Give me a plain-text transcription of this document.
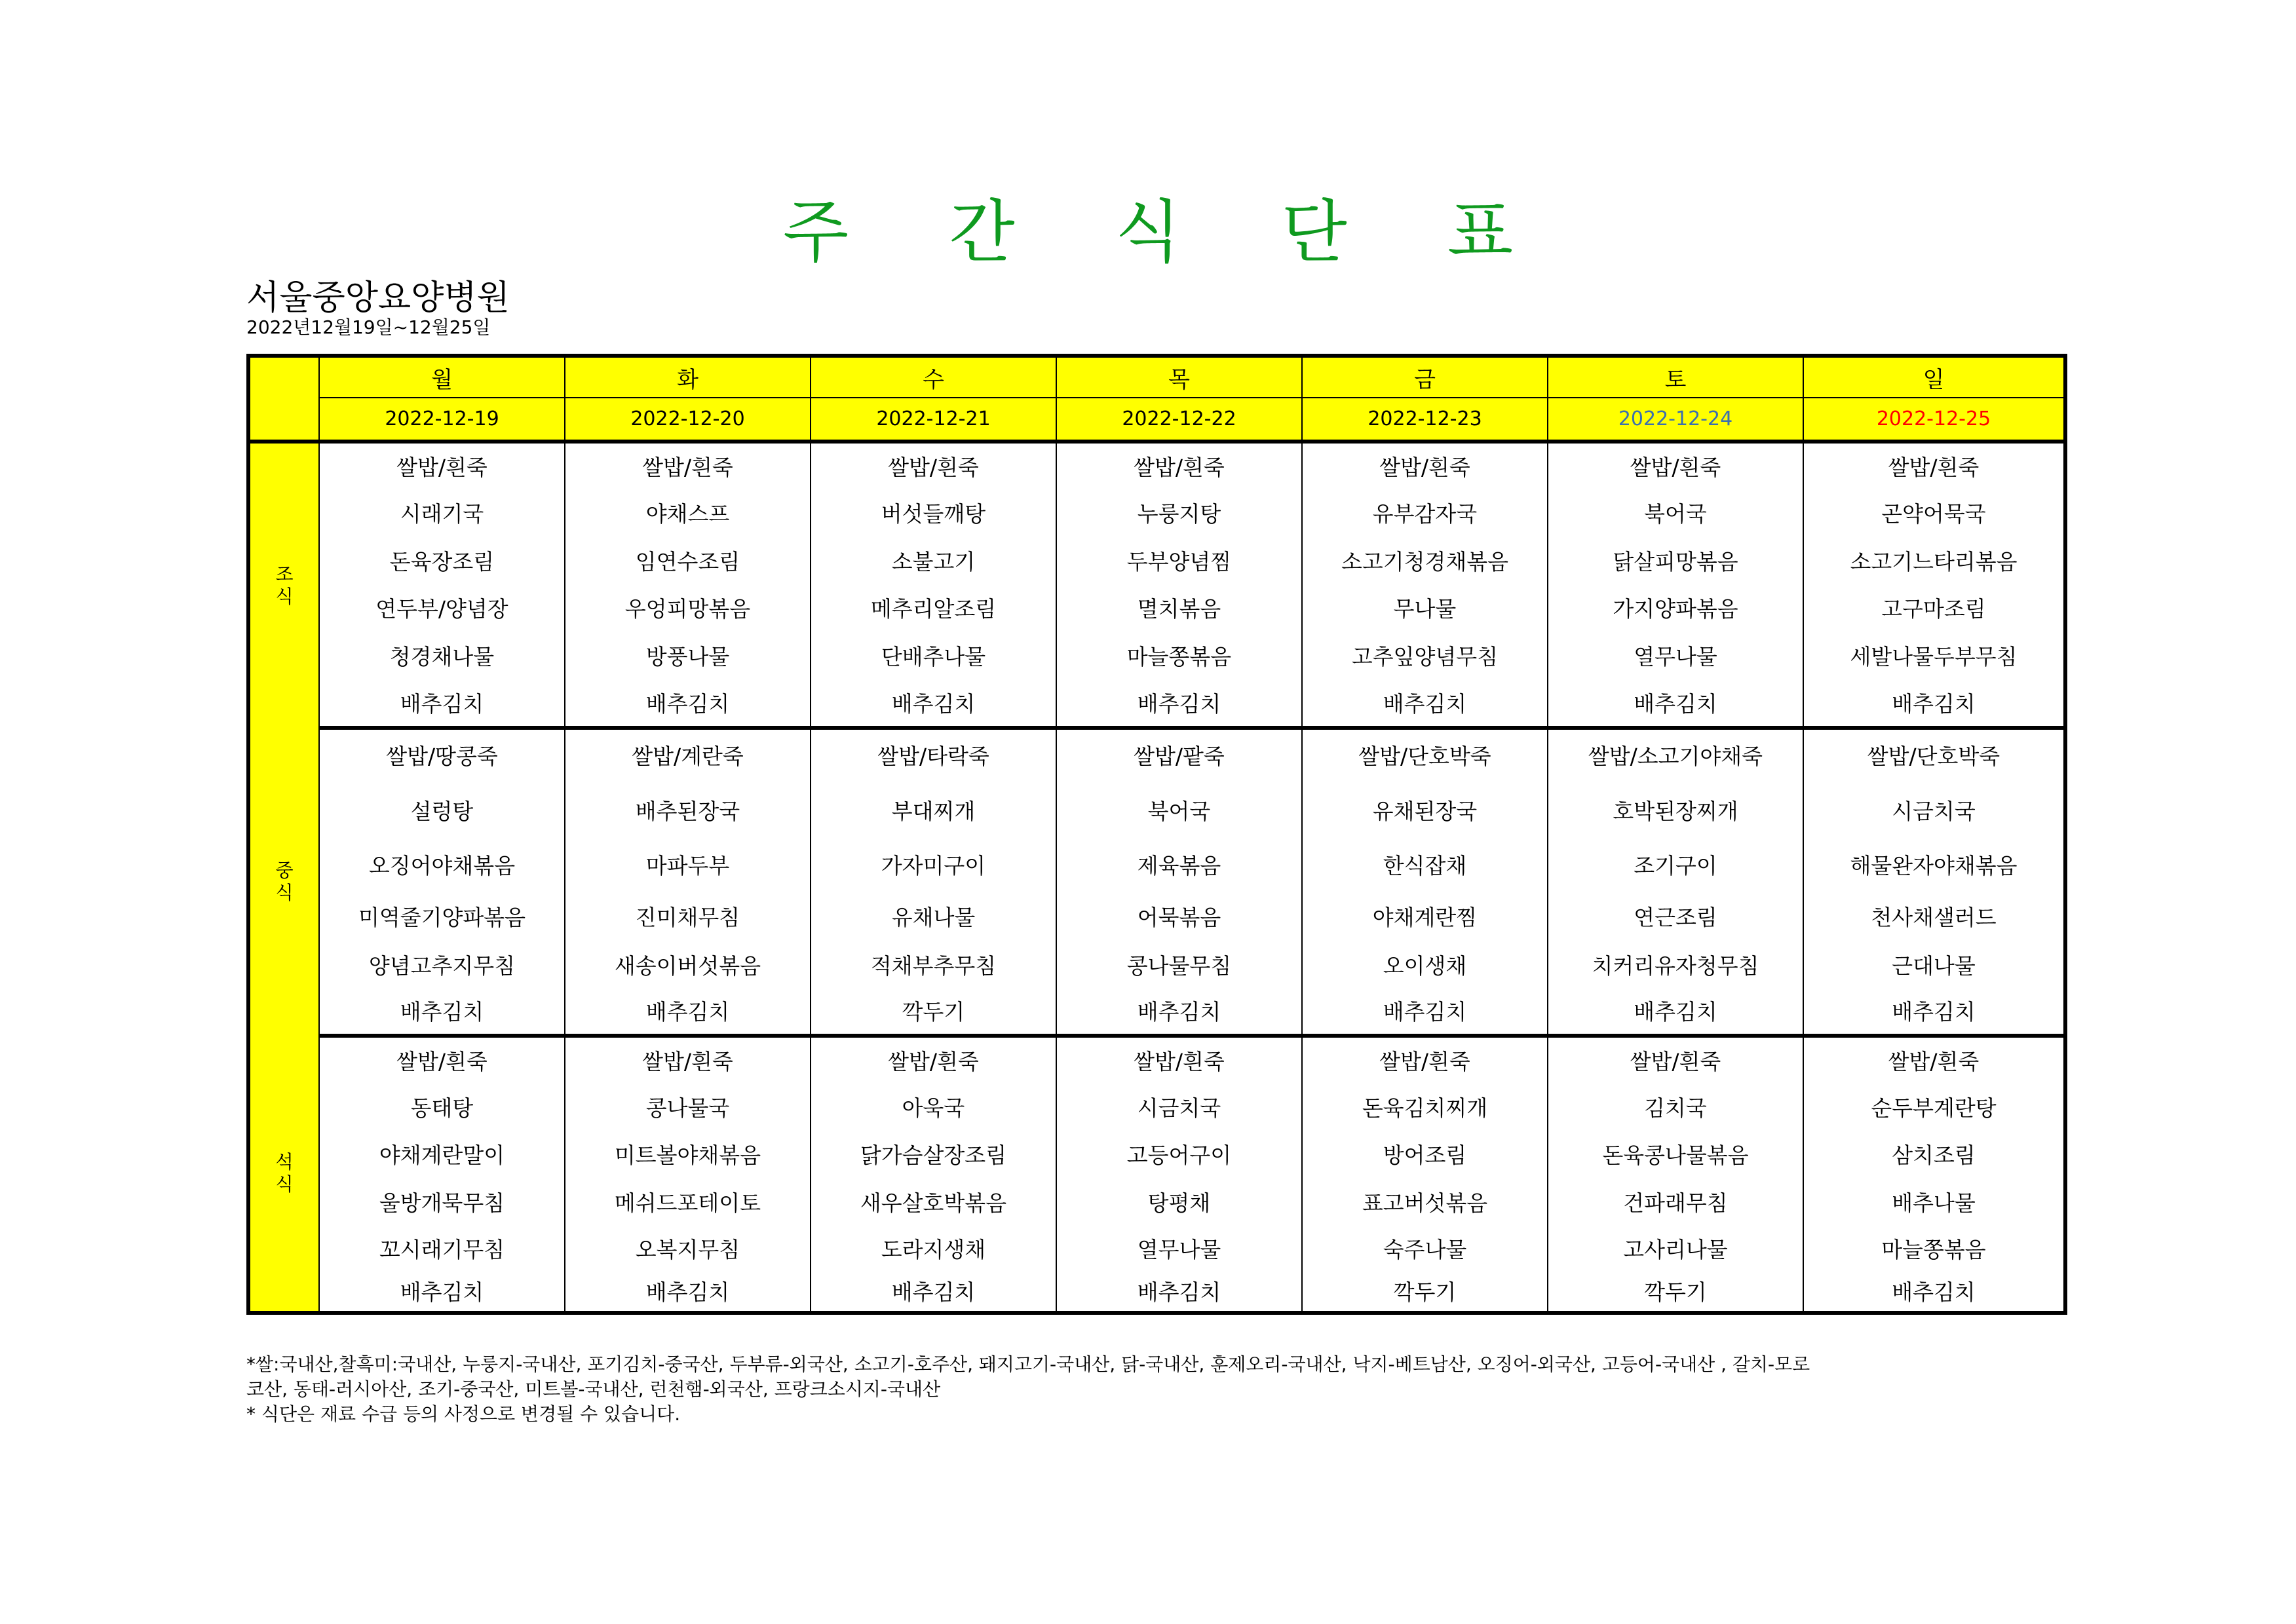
주 간 식 단 표
서울중앙요양병원
2022년12월19일~12월25일
	월	화	수	목	금	토	일
	2022-12-19	2022-12-20	2022-12-21	2022-12-22	2022-12-23	2022-12-24	2022-12-25
조식	쌀밥/흰죽	쌀밥/흰죽	쌀밥/흰죽	쌀밥/흰죽	쌀밥/흰죽	쌀밥/흰죽	쌀밥/흰죽
	시래기국	야채스프	버섯들깨탕	누룽지탕	유부감자국	북어국	곤약어묵국
	돈육장조림	임연수조림	소불고기	두부양념찜	소고기청경채볶음	닭살피망볶음	소고기느타리볶음
	연두부/양념장	우엉피망볶음	메추리알조림	멸치볶음	무나물	가지양파볶음	고구마조림
	청경채나물	방풍나물	단배추나물	마늘쫑볶음	고추잎양념무침	열무나물	세발나물두부무침
	배추김치	배추김치	배추김치	배추김치	배추김치	배추김치	배추김치
중식	쌀밥/땅콩죽	쌀밥/계란죽	쌀밥/타락죽	쌀밥/팥죽	쌀밥/단호박죽	쌀밥/소고기야채죽	쌀밥/단호박죽
	설렁탕	배추된장국	부대찌개	북어국	유채된장국	호박된장찌개	시금치국
	오징어야채볶음	마파두부	가자미구이	제육볶음	한식잡채	조기구이	해물완자야채볶음
	미역줄기양파볶음	진미채무침	유채나물	어묵볶음	야채계란찜	연근조림	천사채샐러드
	양념고추지무침	새송이버섯볶음	적채부추무침	콩나물무침	오이생채	치커리유자청무침	근대나물
	배추김치	배추김치	깍두기	배추김치	배추김치	배추김치	배추김치
석식	쌀밥/흰죽	쌀밥/흰죽	쌀밥/흰죽	쌀밥/흰죽	쌀밥/흰죽	쌀밥/흰죽	쌀밥/흰죽
	동태탕	콩나물국	아욱국	시금치국	돈육김치찌개	김치국	순두부계란탕
	야채계란말이	미트볼야채볶음	닭가슴살장조림	고등어구이	방어조림	돈육콩나물볶음	삼치조림
	울방개묵무침	메쉬드포테이토	새우살호박볶음	탕평채	표고버섯볶음	건파래무침	배추나물
	꼬시래기무침	오복지무침	도라지생채	열무나물	숙주나물	고사리나물	마늘쫑볶음
	배추김치	배추김치	배추김치	배추김치	깍두기	깍두기	배추김치
*쌀:국내산,찰흑미:국내산, 누룽지-국내산, 포기김치-중국산, 두부류-외국산, 소고기-호주산, 돼지고기-국내산, 닭-국내산, 훈제오리-국내산, 낙지-베트남산, 오징어-외국산, 고등어-국내산 , 갈치-모로
코산, 동태-러시아산, 조기-중국산, 미트볼-국내산, 런천햄-외국산, 프랑크소시지-국내산
* 식단은 재료 수급 등의 사정으로 변경될 수 있습니다.
